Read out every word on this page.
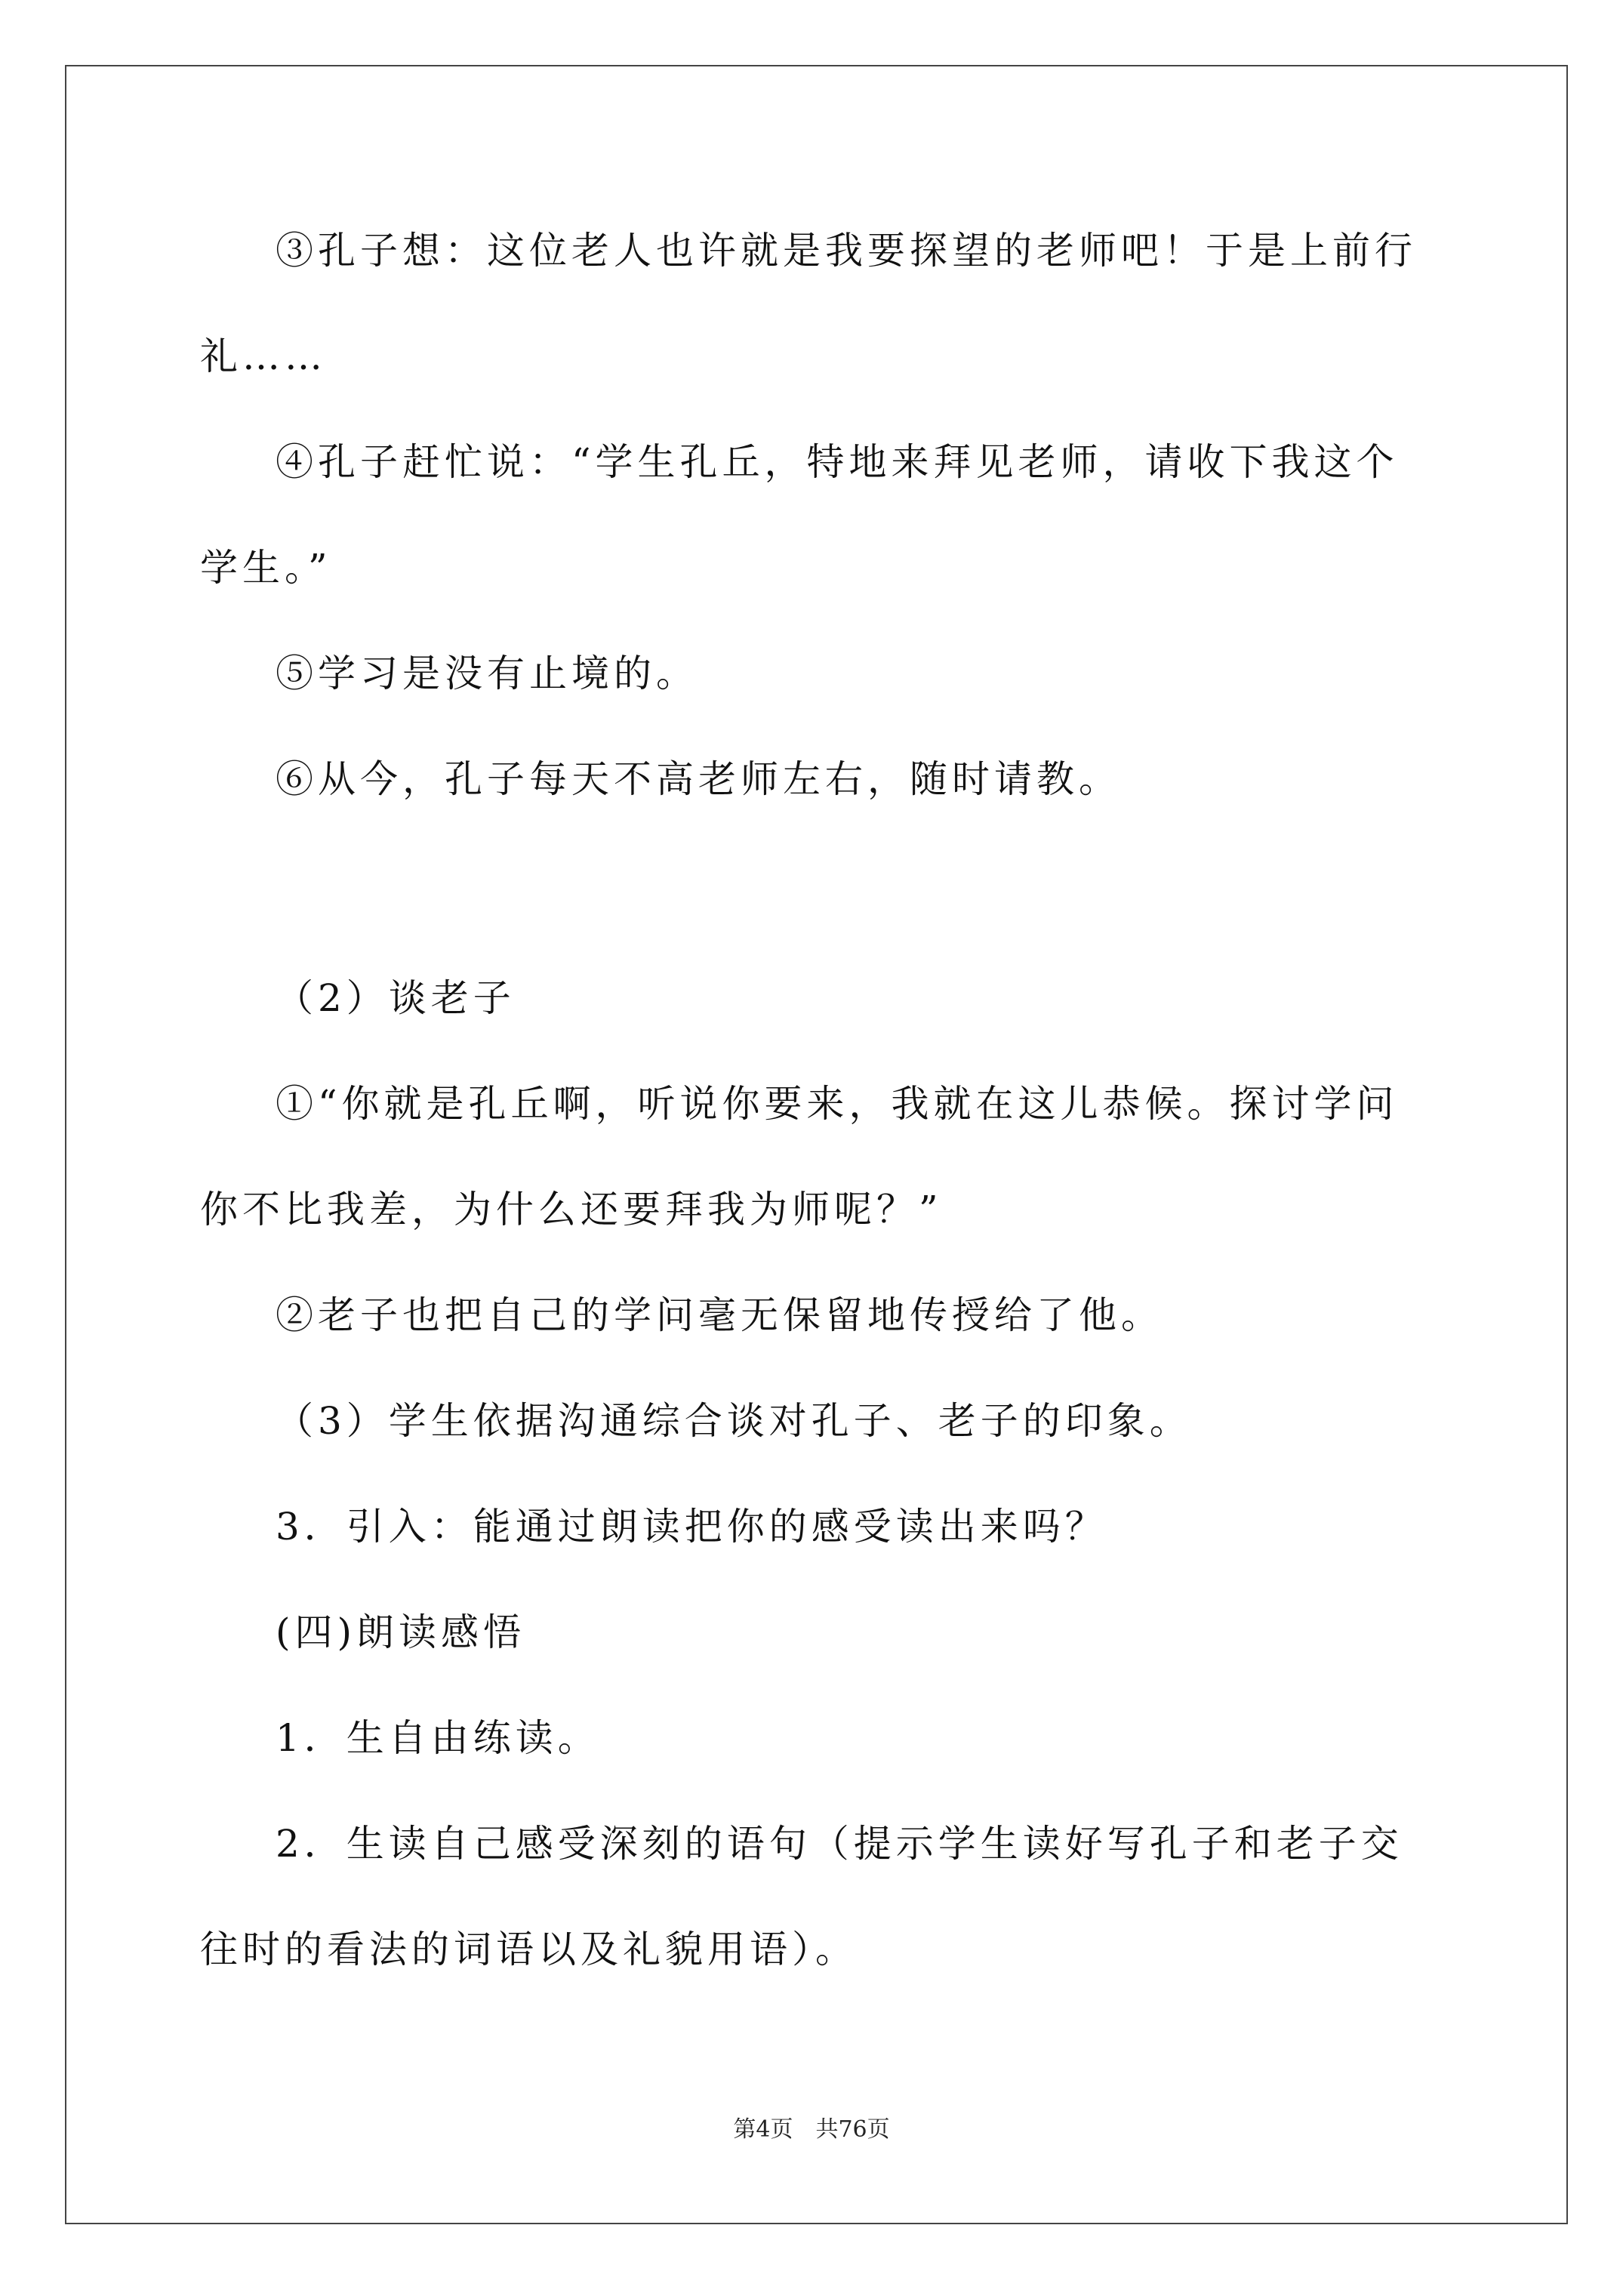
③孔子想：这位老人也许就是我要探望的老师吧！于是上前行礼……
④孔子赶忙说：“学生孔丘，特地来拜见老师，请收下我这个学生。”
⑤学习是没有止境的。
⑥从今，孔子每天不高老师左右，随时请教。
（2）谈老子
①“你就是孔丘啊，听说你要来，我就在这儿恭候。探讨学问你不比我差，为什么还要拜我为师呢？”
②老子也把自己的学问毫无保留地传授给了他。
（3）学生依据沟通综合谈对孔子、老子的印象。
3．引入：能通过朗读把你的感受读出来吗？
(四)朗读感悟
1．生自由练读。
2．生读自己感受深刻的语句（提示学生读好写孔子和老子交往时的看法的词语以及礼貌用语）。
第4页 共76页
